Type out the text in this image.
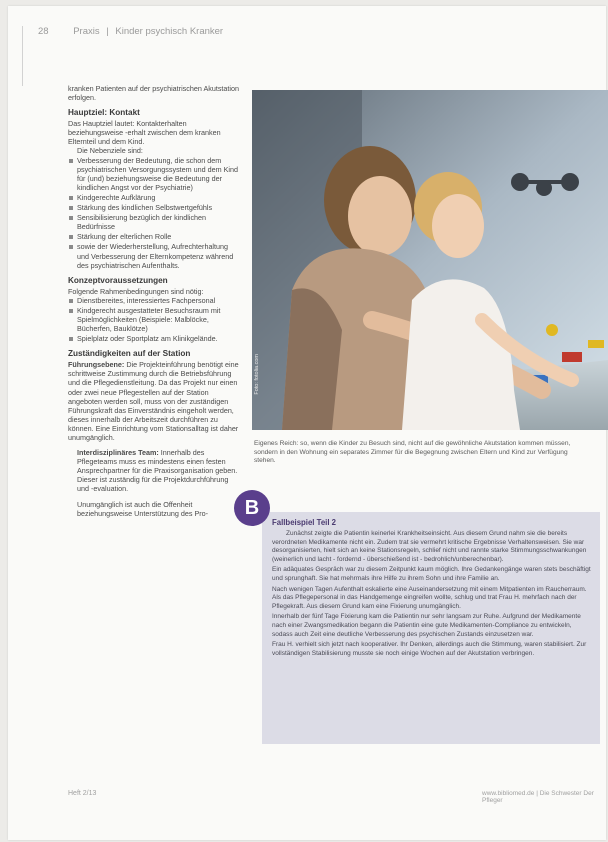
28	Praxis | Kinder psychisch Kranker

kranken Patienten auf der psychiatrischen Akutstation erfolgen.

Hauptziel: Kontakt

Das Hauptziel lautet: Kontakterhalten beziehungsweise -erhalt zwischen dem kranken Elternteil und dem Kind.

Die Nebenziele sind:
Verbesserung der Bedeutung, die schon dem psychiatrischen Versorgungssystem und dem Kind für (und) beziehungsweise die Bedeutung der kindlichen Angst vor der Psychiatrie)
Kindgerechte Aufklärung
Stärkung des kindlichen Selbstwertgefühls
Sensibilisierung bezüglich der kindlichen Bedürfnisse
Stärkung der elterlichen Rolle
sowie der Wiederherstellung, Aufrechterhaltung und Verbesserung der Elternkompetenz während des psychiatrischen Aufenthalts.
Konzeptvoraussetzungen
Folgende Rahmenbedingungen sind nötig:
Dienstbereites, interessiertes Fachpersonal
Kindgerecht ausgestatteter Besuchsraum mit Spielmöglichkeiten (Beispiele: Malblöcke, Bücherfen, Bauklötze)
Spielplatz oder Sportplatz am Klinikgelände.
Zuständigkeiten auf der Station

Führungsebene: Die Projekteinführung benötigt eine schrittweise Zustimmung durch die Betriebsführung und die Pflegedienstleitung. Da das Projekt nur einen oder zwei neue Pflegestellen auf der Station angeboten werden soll, muss von der zuständigen Führungskraft das Einverständnis eingeholt werden, dieses innerhalb der Arbeitszeit durchführen zu können. Eine Einrichtung vom Stationsalltag ist daher unumgänglich.

Interdisziplinäres Team: Innerhalb des Pflegeteams muss es mindestens einen festen Ansprechpartner für die Praxisorganisation geben. Dieser ist zuständig für die Projektdurchführung und -evaluation.

Unumgänglich ist auch die Offenheit beziehungsweise Unterstützung des Pro-

Foto: fotolia.com
Eigenes Reich: so, wenn die Kinder zu Besuch sind, nicht auf die gewöhnliche Akutstation kommen müssen, sondern in den Wohnung ein separates Zimmer für die Begegnung zwischen Eltern und Kind zur Verfügung stehen.
B
Fallbeispiel Teil 2

Zunächst zeigte die Patientin keinerlei Krankheitseinsicht. Aus diesem Grund nahm sie die bereits verordneten Medikamente nicht ein. Zudem trat sie vermehrt kritische Ergebnisse Verhaltensweisen. Sie war desorganisierten, hielt sich an keine Stationsregeln, schlief nicht und rannte starke Stimmungsschwankungen (weinerlich und lacht - fordernd - überschießend ist - bedrohlich/unberechenbar).

Ein adäquates Gespräch war zu diesem Zeitpunkt kaum möglich. Ihre Gedankengänge waren stets beschäftigt und sprunghaft. Sie hat mehrmals ihre Hilfe zu ihrem Sohn und ihre Familie an.

Nach wenigen Tagen Aufenthalt eskalierte eine Auseinandersetzung mit einem Mitpatienten im Raucherraum. Als das Pflegepersonal in das Handgemenge eingreifen wollte, schlug und trat Frau H. mehrfach nach der Pflegekraft. Aus diesem Grund kam eine Fixierung unumgänglich.

Innerhalb der fünf Tage Fixierung kam die Patientin nur sehr langsam zur Ruhe. Aufgrund der Medikamente nach einer Zwangsmedikation begann die Patientin eine gute Medikamenten-Compliance zu entwickeln, sodass auch Zeit eine deutliche Verbesserung des psychischen Zustands einzusetzen war.

Frau H. verhielt sich jetzt nach kooperativer. Ihr Denken, allerdings auch die Stimmung, waren stabilisiert. Zur vollständigen Stabilisierung musste sie noch einige Wochen auf der Akutstation verbringen.

Heft 2/13	www.bibliomed.de | Die Schwester Der Pfleger
